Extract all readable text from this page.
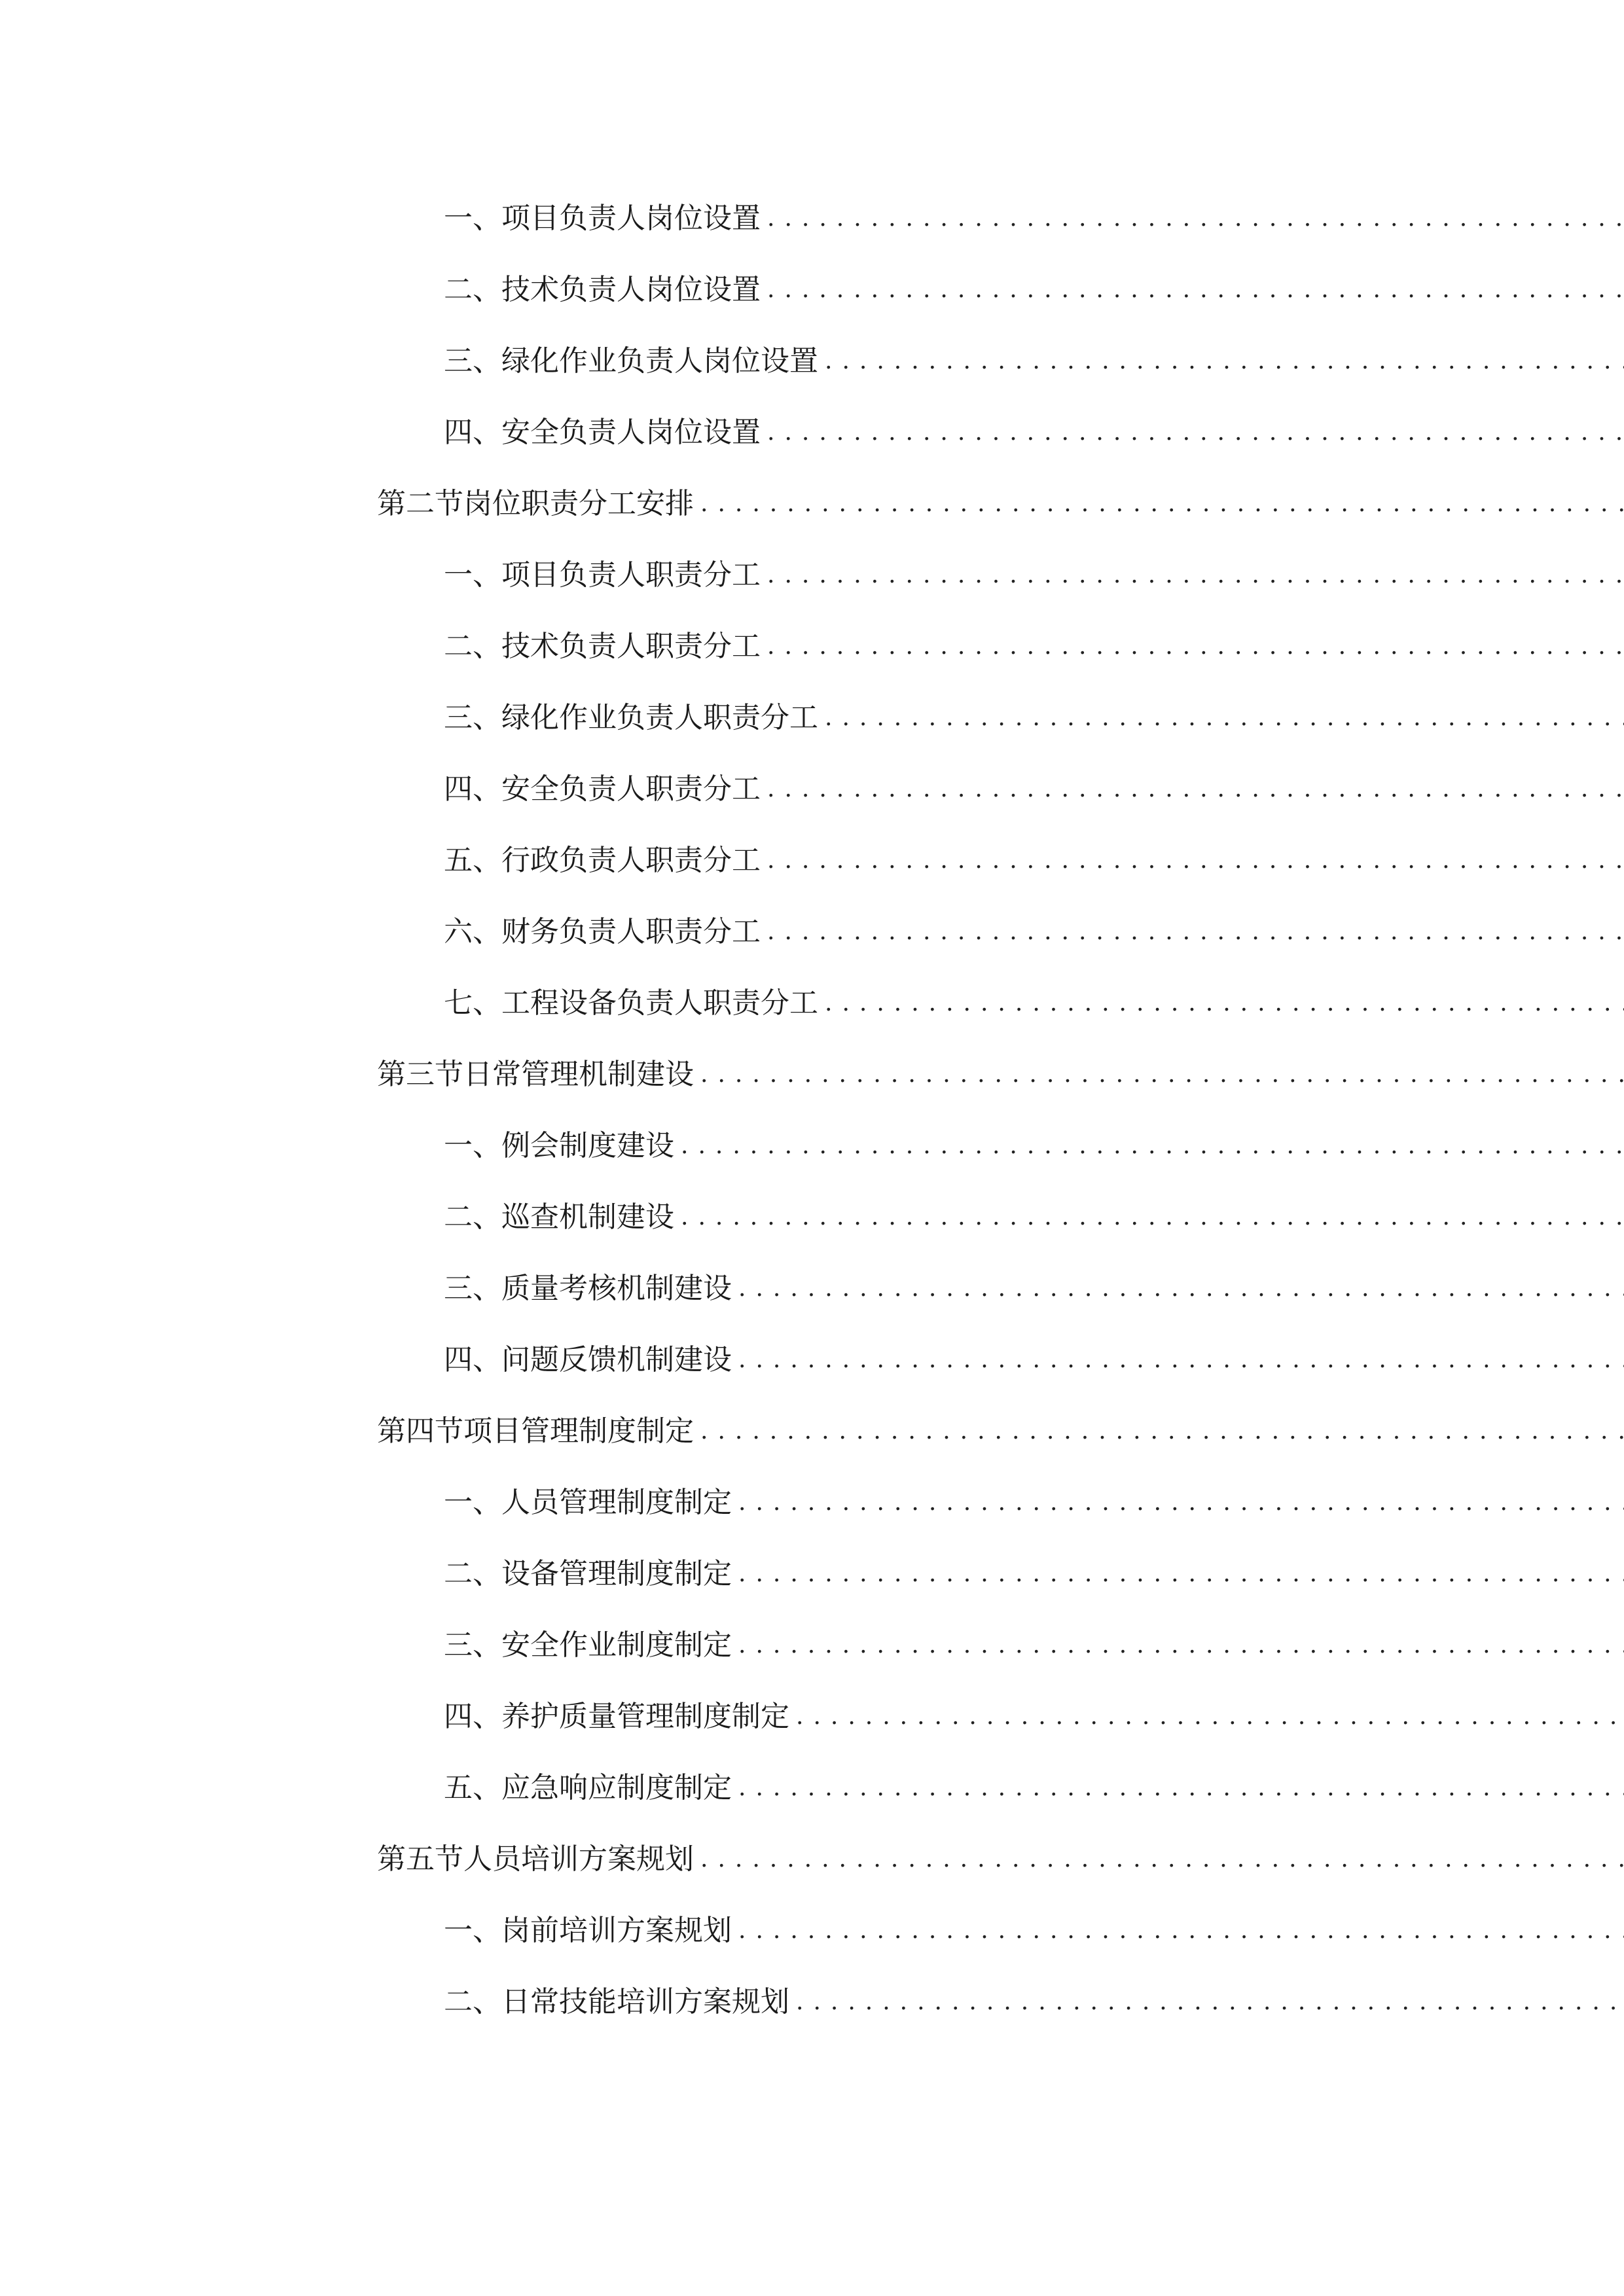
一、 项目负责人岗位设置
.....
二、 技术负责人岗位设置
.....
三、 绿化作业负责人岗位设置
.....
四、 安全负责人岗位设置
.....
第二节 岗位职责分工安排
.....
一、 项目负责人职责分工
.....
二、 技术负责人职责分工
.....
三、 绿化作业负责人职责分工
.....
四、 安全负责人职责分工
.....
五、 行政负责人职责分工
.....
六、 财务负责人职责分工
.....
七、 工程设备负责人职责分工
.....
第三节 日常管理机制建设
.....
一、 例会制度建设
.....
二、 巡查机制建设
.....
三、 质量考核机制建设
.....
四、 问题反馈机制建设
.....
第四节 项目管理制度制定
.....
一、 人员管理制度制定
.....
二、 设备管理制度制定
.....
三、 安全作业制度制定
.....
四、 养护质量管理制度制定
.....
五、 应急响应制度制定
.....
第五节 人员培训方案规划
.....
一、 岗前培训方案规划
.....
二、 日常技能培训方案规划
.....
